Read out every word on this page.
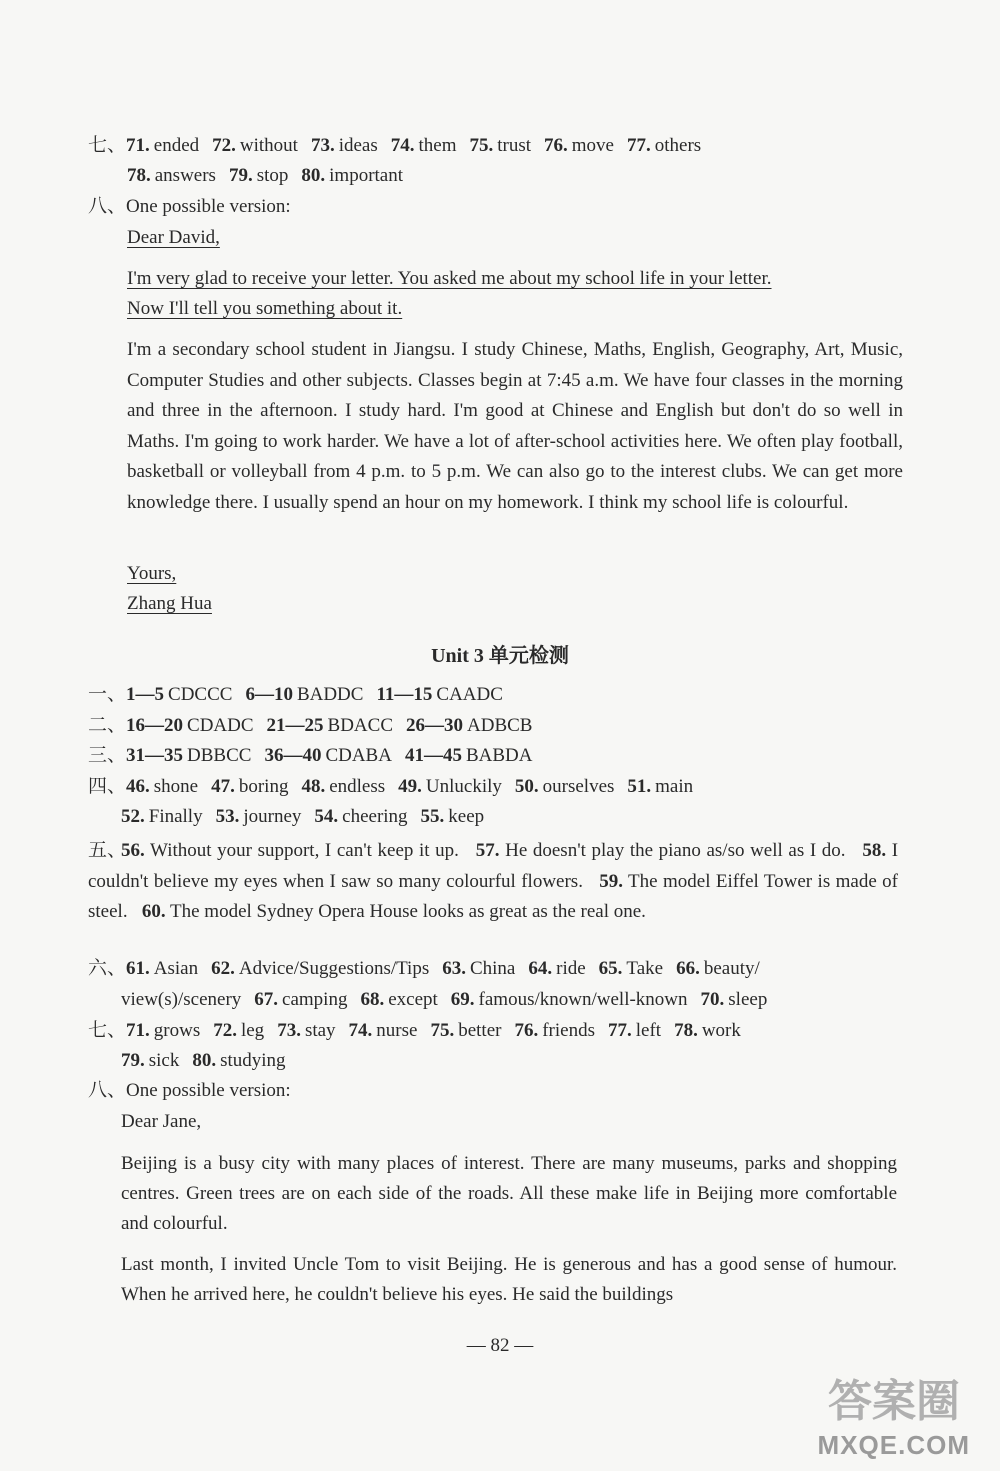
七、71. ended 72. without 73. ideas 74. them 75. trust 76. move 77. others
78. answers 79. stop 80. important
八、One possible version:
Dear David,
I'm very glad to receive your letter. You asked me about my school life in your letter.
Now I'll tell you something about it.
I'm a secondary school student in Jiangsu. I study Chinese, Maths, English, Geography, Art, Music, Computer Studies and other subjects. Classes begin at 7:45 a.m. We have four classes in the morning and three in the afternoon. I study hard. I'm good at Chinese and English but don't do so well in Maths. I'm going to work harder. We have a lot of after-school activities here. We often play football, basketball or volleyball from 4 p.m. to 5 p.m. We can also go to the interest clubs. We can get more knowledge there. I usually spend an hour on my homework. I think my school life is colourful.
Yours,
Zhang Hua
Unit 3 单元检测
一、1—5 CDCCC 6—10 BADDC 11—15 CAADC
二、16—20 CDADC 21—25 BDACC 26—30 ADBCB
三、31—35 DBBCC 36—40 CDABA 41—45 BABDA
四、46. shone 47. boring 48. endless 49. Unluckily 50. ourselves 51. main
52. Finally 53. journey 54. cheering 55. keep
五、
56. Without your support, I can't keep it up. 57. He doesn't play the piano as/so well as I do. 58. I couldn't believe my eyes when I saw so many colourful flowers. 59. The model Eiffel Tower is made of steel. 60. The model Sydney Opera House looks as great as the real one.
六、61. Asian 62. Advice/Suggestions/Tips 63. China 64. ride 65. Take 66. beauty/
view(s)/scenery 67. camping 68. except 69. famous/known/well-known 70. sleep
七、71. grows 72. leg 73. stay 74. nurse 75. better 76. friends 77. left 78. work
79. sick 80. studying
八、One possible version:
Dear Jane,
Beijing is a busy city with many places of interest. There are many museums, parks and shopping centres. Green trees are on each side of the roads. All these make life in Beijing more comfortable and colourful.
Last month, I invited Uncle Tom to visit Beijing. He is generous and has a good sense of humour. When he arrived here, he couldn't believe his eyes. He said the buildings
— 82 —
答案圈
MXQE.COM
